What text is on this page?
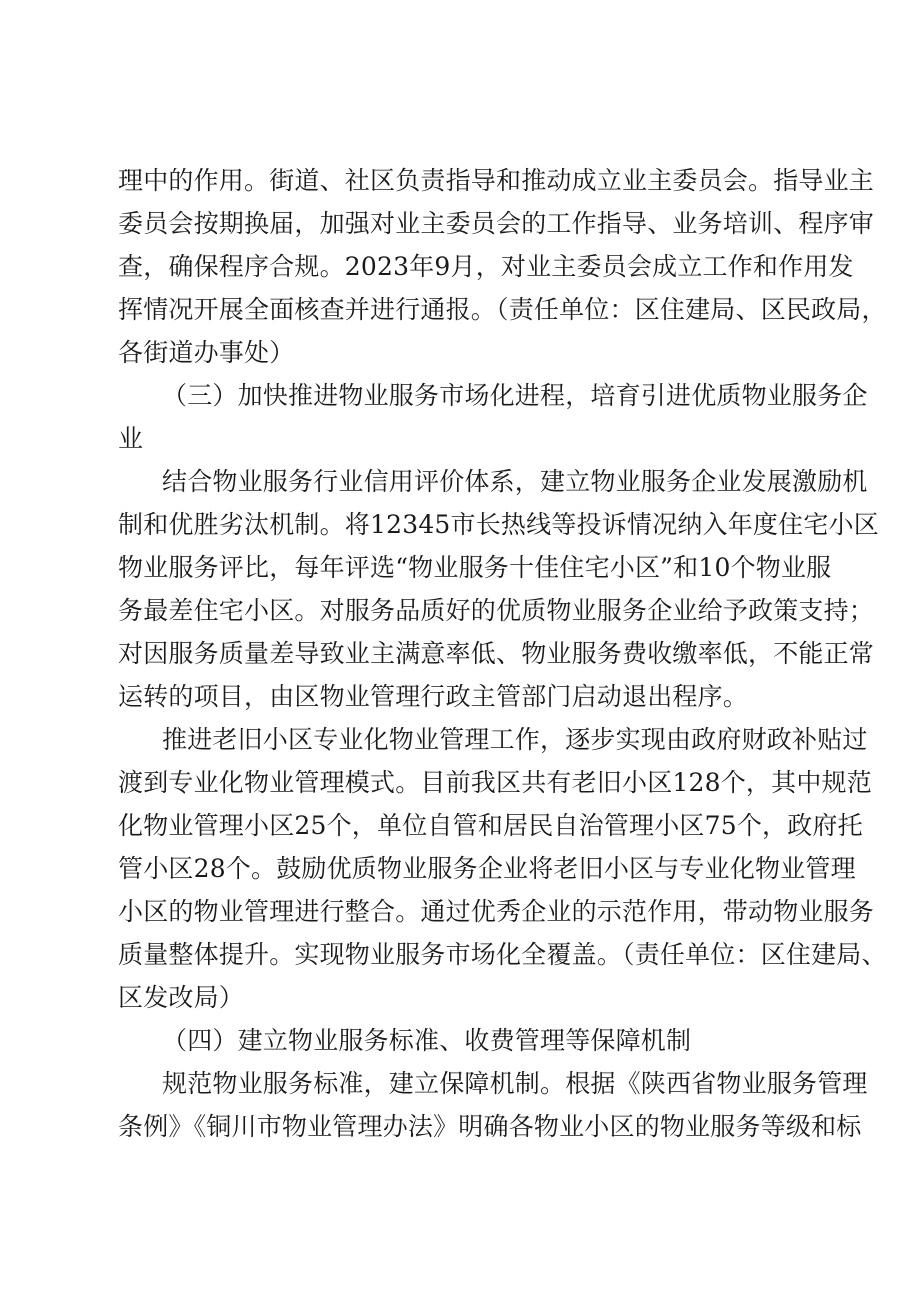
理中的作用。街道、社区负责指导和推动成立业主委员会。指导业主
委员会按期换届，加强对业主委员会的工作指导、业务培训、程序审
查，确保程序合规。2023年9月，对业主委员会成立工作和作用发
挥情况开展全面核查并进行通报。（责任单位：区住建局、区民政局，
各街道办事处）
（三）加快推进物业服务市场化进程，培育引进优质物业服务企
业
结合物业服务行业信用评价体系，建立物业服务企业发展激励机
制和优胜劣汰机制。将12345市长热线等投诉情况纳入年度住宅小区
物业服务评比，每年评选“物业服务十佳住宅小区”和10个物业服
务最差住宅小区。对服务品质好的优质物业服务企业给予政策支持；
对因服务质量差导致业主满意率低、物业服务费收缴率低，不能正常
运转的项目，由区物业管理行政主管部门启动退出程序。
推进老旧小区专业化物业管理工作，逐步实现由政府财政补贴过
渡到专业化物业管理模式。目前我区共有老旧小区128个，其中规范
化物业管理小区25个，单位自管和居民自治管理小区75个，政府托
管小区28个。鼓励优质物业服务企业将老旧小区与专业化物业管理
小区的物业管理进行整合。通过优秀企业的示范作用，带动物业服务
质量整体提升。实现物业服务市场化全覆盖。（责任单位：区住建局、
区发改局）
（四）建立物业服务标准、收费管理等保障机制
规范物业服务标准，建立保障机制。根据《陕西省物业服务管理
条例》《铜川市物业管理办法》明确各物业小区的物业服务等级和标
